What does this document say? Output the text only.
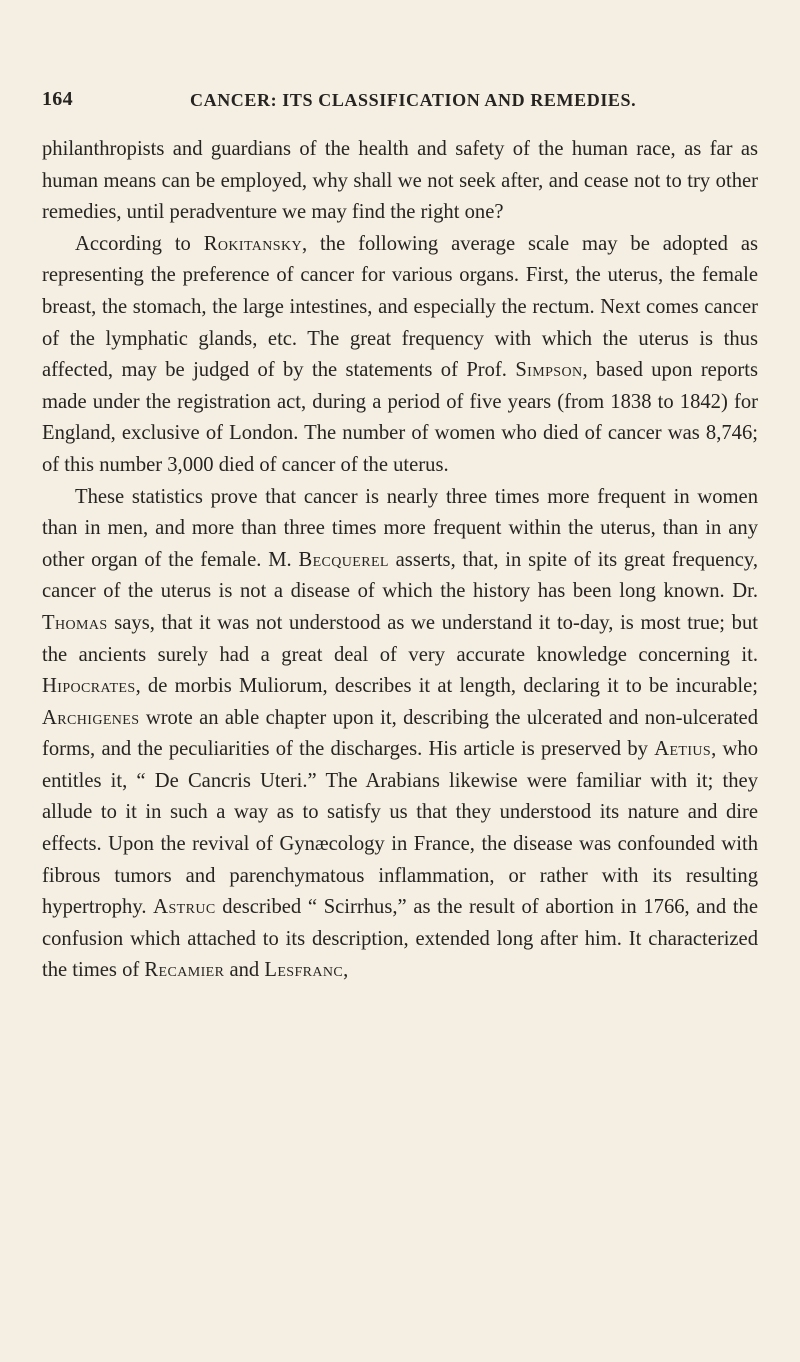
164	CANCER: ITS CLASSIFICATION AND REMEDIES.

philanthropists and guardians of the health and safety of the human race, as far as human means can be employed, why shall we not seek after, and cease not to try other remedies, until peradventure we may find the right one?

According to Rokitansky, the following average scale may be adopted as representing the preference of cancer for various organs. First, the uterus, the female breast, the stomach, the large intestines, and especially the rectum. Next comes cancer of the lymphatic glands, etc. The great frequency with which the uterus is thus affected, may be judged of by the statements of Prof. Simpson, based upon reports made under the registration act, during a period of five years (from 1838 to 1842) for England, exclusive of London. The number of women who died of cancer was 8,746; of this number 3,000 died of cancer of the uterus.

These statistics prove that cancer is nearly three times more frequent in women than in men, and more than three times more frequent within the uterus, than in any other organ of the female. M. Becquerel asserts, that, in spite of its great frequency, cancer of the uterus is not a disease of which the history has been long known. Dr. Thomas says, that it was not understood as we understand it to-day, is most true; but the ancients surely had a great deal of very accurate knowledge concerning it. Hipocrates, de morbis Muliorum, describes it at length, declaring it to be incurable; Archigenes wrote an able chapter upon it, describing the ulcerated and non-ulcerated forms, and the peculiarities of the discharges. His article is preserved by Aetius, who entitles it, “ De Cancris Uteri.” The Arabians likewise were familiar with it; they allude to it in such a way as to satisfy us that they understood its nature and dire effects. Upon the revival of Gynæcology in France, the disease was confounded with fibrous tumors and parenchymatous inflammation, or rather with its resulting hypertrophy. Astruc described “ Scirrhus,” as the result of abortion in 1766, and the confusion which attached to its description, extended long after him. It characterized the times of Recamier and Lesfranc,
